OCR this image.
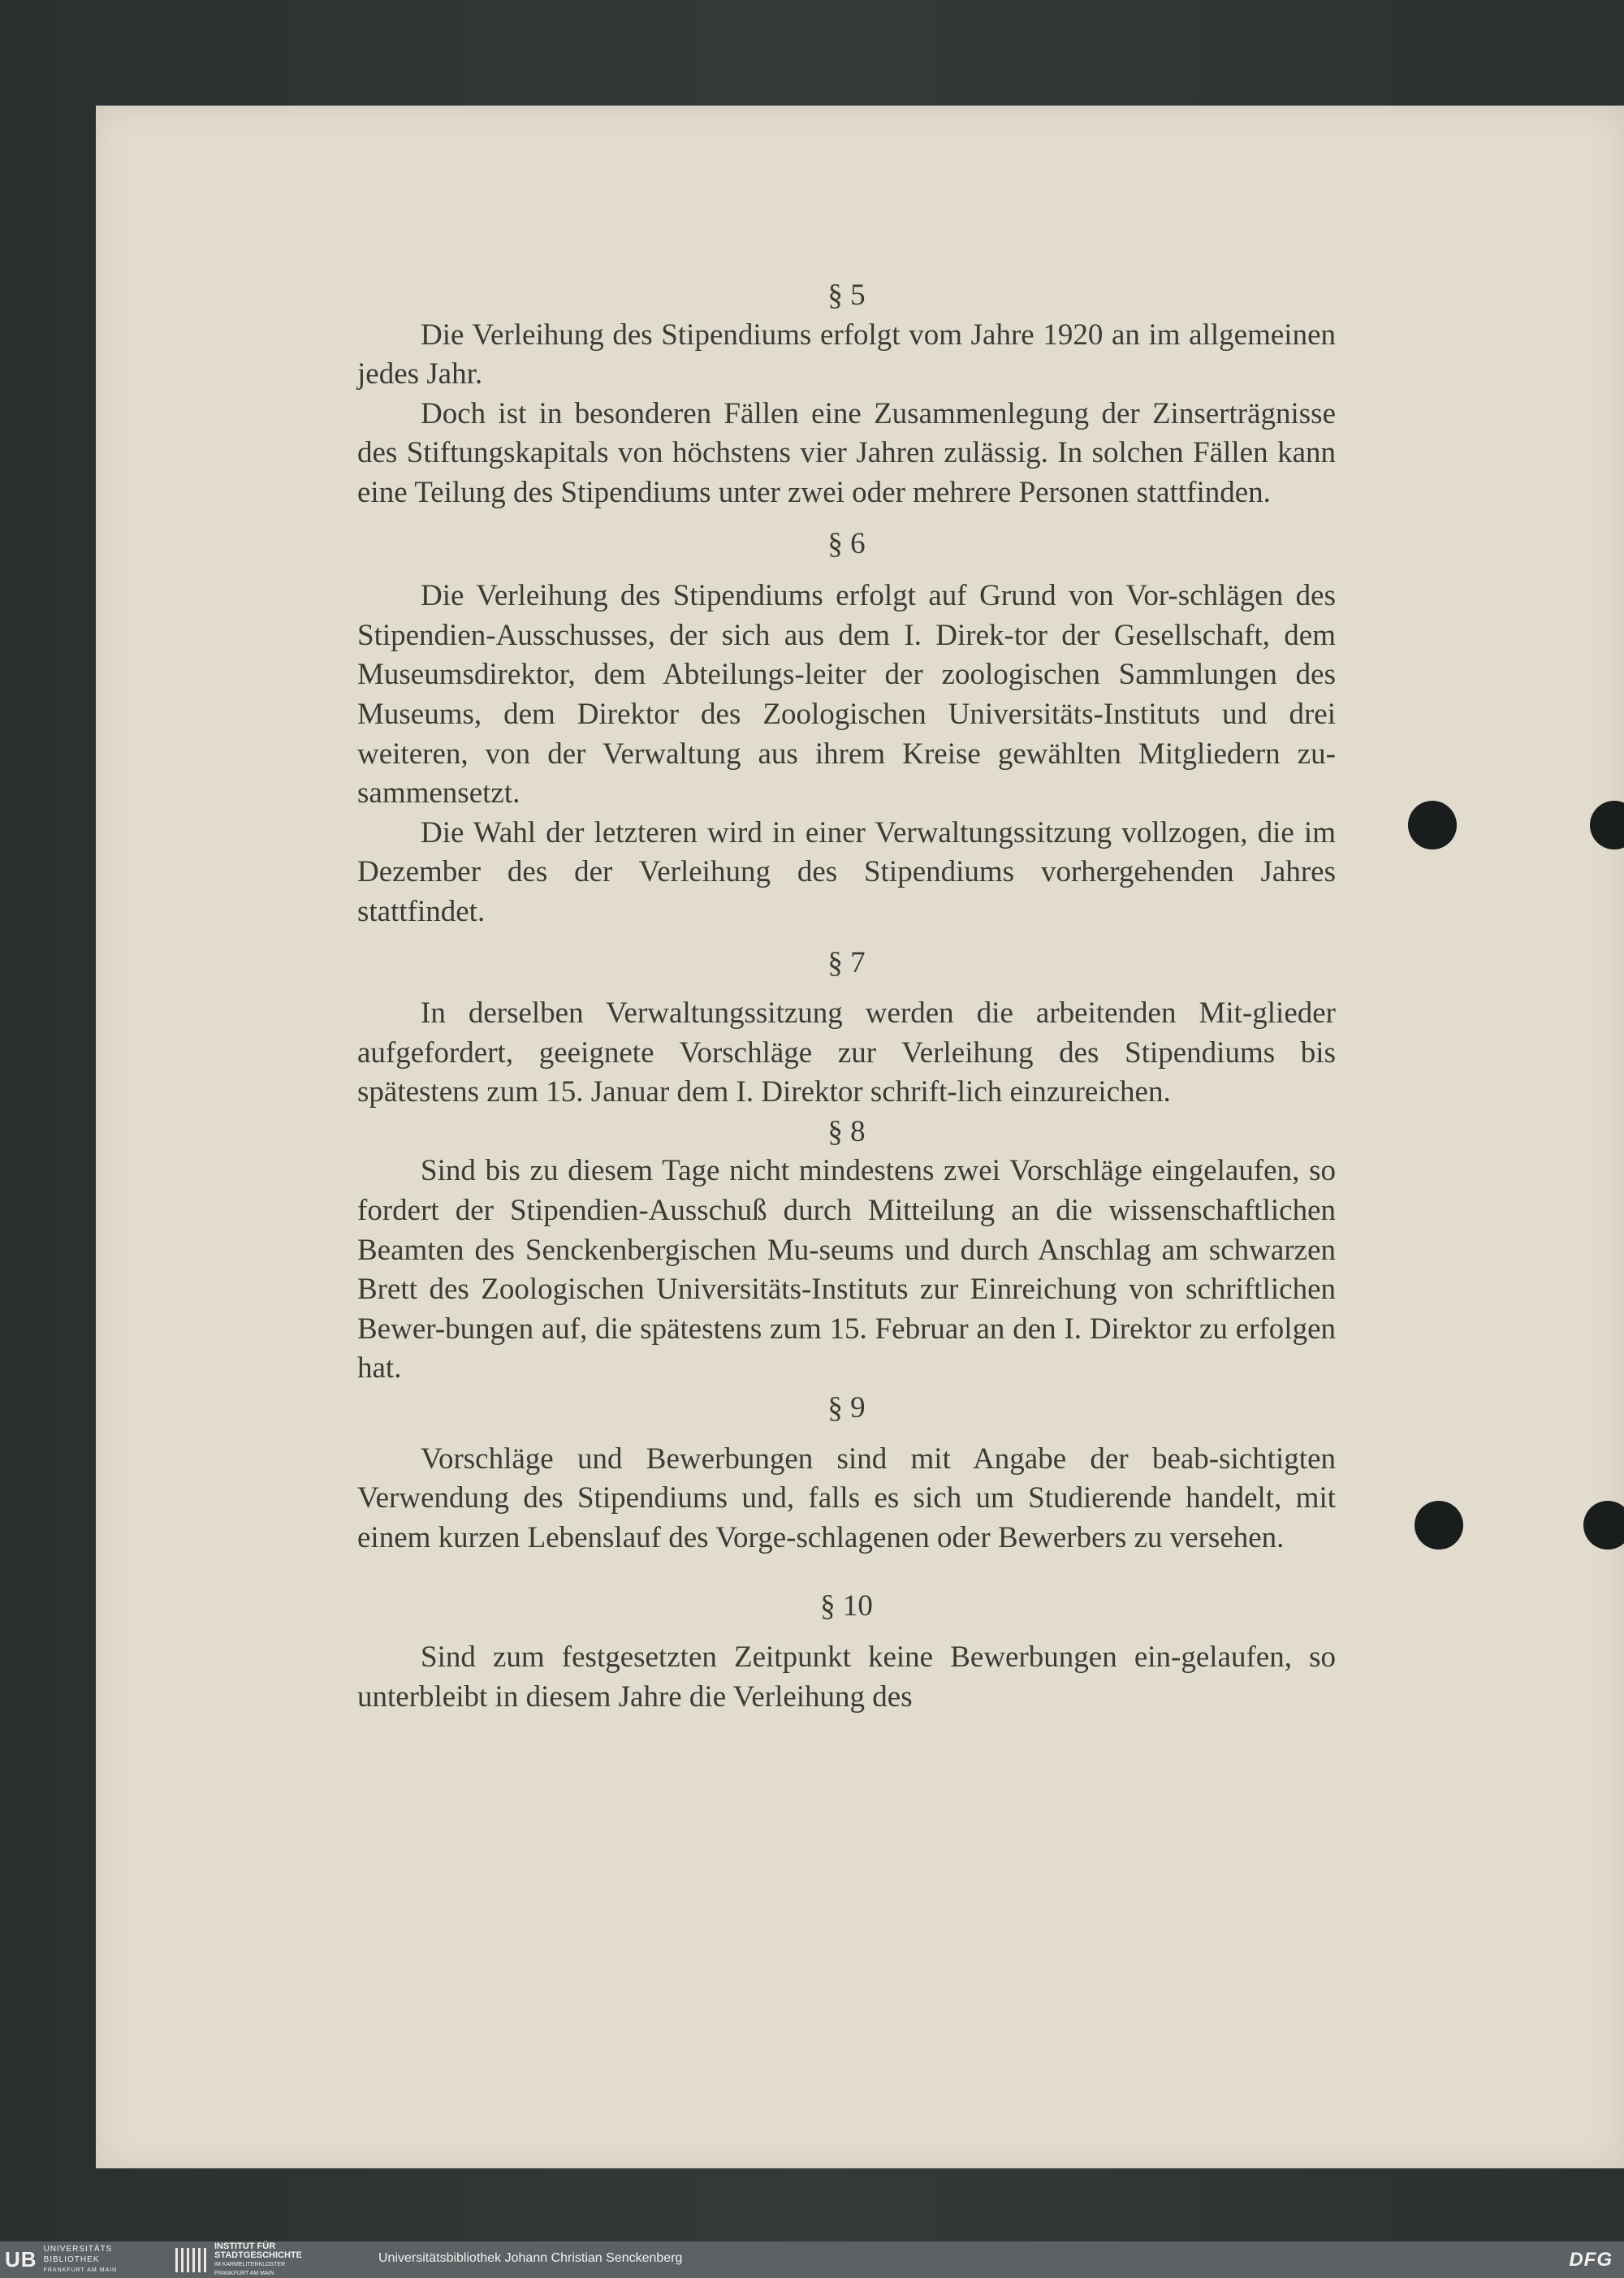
§ 5

Die Verleihung des Stipendiums erfolgt vom Jahre 1920 an im allgemeinen jedes Jahr.

Doch ist in besonderen Fällen eine Zusammenlegung der Zinserträgnisse des Stiftungskapitals von höchstens vier Jahren zulässig. In solchen Fällen kann eine Teilung des Stipendiums unter zwei oder mehrere Personen stattfinden.

§ 6

Die Verleihung des Stipendiums erfolgt auf Grund von Vor-schlägen des Stipendien-Ausschusses, der sich aus dem I. Direk-tor der Gesellschaft, dem Museumsdirektor, dem Abteilungs-leiter der zoologischen Sammlungen des Museums, dem Direktor des Zoologischen Universitäts-Instituts und drei weiteren, von der Verwaltung aus ihrem Kreise gewählten Mitgliedern zu-sammensetzt.

Die Wahl der letzteren wird in einer Verwaltungssitzung vollzogen, die im Dezember des der Verleihung des Stipendiums vorhergehenden Jahres stattfindet.

§ 7

In derselben Verwaltungssitzung werden die arbeitenden Mit-glieder aufgefordert, geeignete Vorschläge zur Verleihung des Stipendiums bis spätestens zum 15. Januar dem I. Direktor schrift-lich einzureichen.

§ 8

Sind bis zu diesem Tage nicht mindestens zwei Vorschläge eingelaufen, so fordert der Stipendien-Ausschuß durch Mitteilung an die wissenschaftlichen Beamten des Senckenbergischen Mu-seums und durch Anschlag am schwarzen Brett des Zoologischen Universitäts-Instituts zur Einreichung von schriftlichen Bewer-bungen auf, die spätestens zum 15. Februar an den I. Direktor zu erfolgen hat.

§ 9

Vorschläge und Bewerbungen sind mit Angabe der beab-sichtigten Verwendung des Stipendiums und, falls es sich um Studierende handelt, mit einem kurzen Lebenslauf des Vorge-schlagenen oder Bewerbers zu versehen.

§ 10

Sind zum festgesetzten Zeitpunkt keine Bewerbungen ein-gelaufen, so unterbleibt in diesem Jahre die Verleihung des

UB UNIVERSITÄTS
BIBLIOTHEK
FRANKFURT AM MAIN
INSTITUT FÜR
STADTGESCHICHTE
IM KARMELITERKLOSTER
FRANKFURT AM MAIN
Universitätsbibliothek Johann Christian Senckenberg	DFG
